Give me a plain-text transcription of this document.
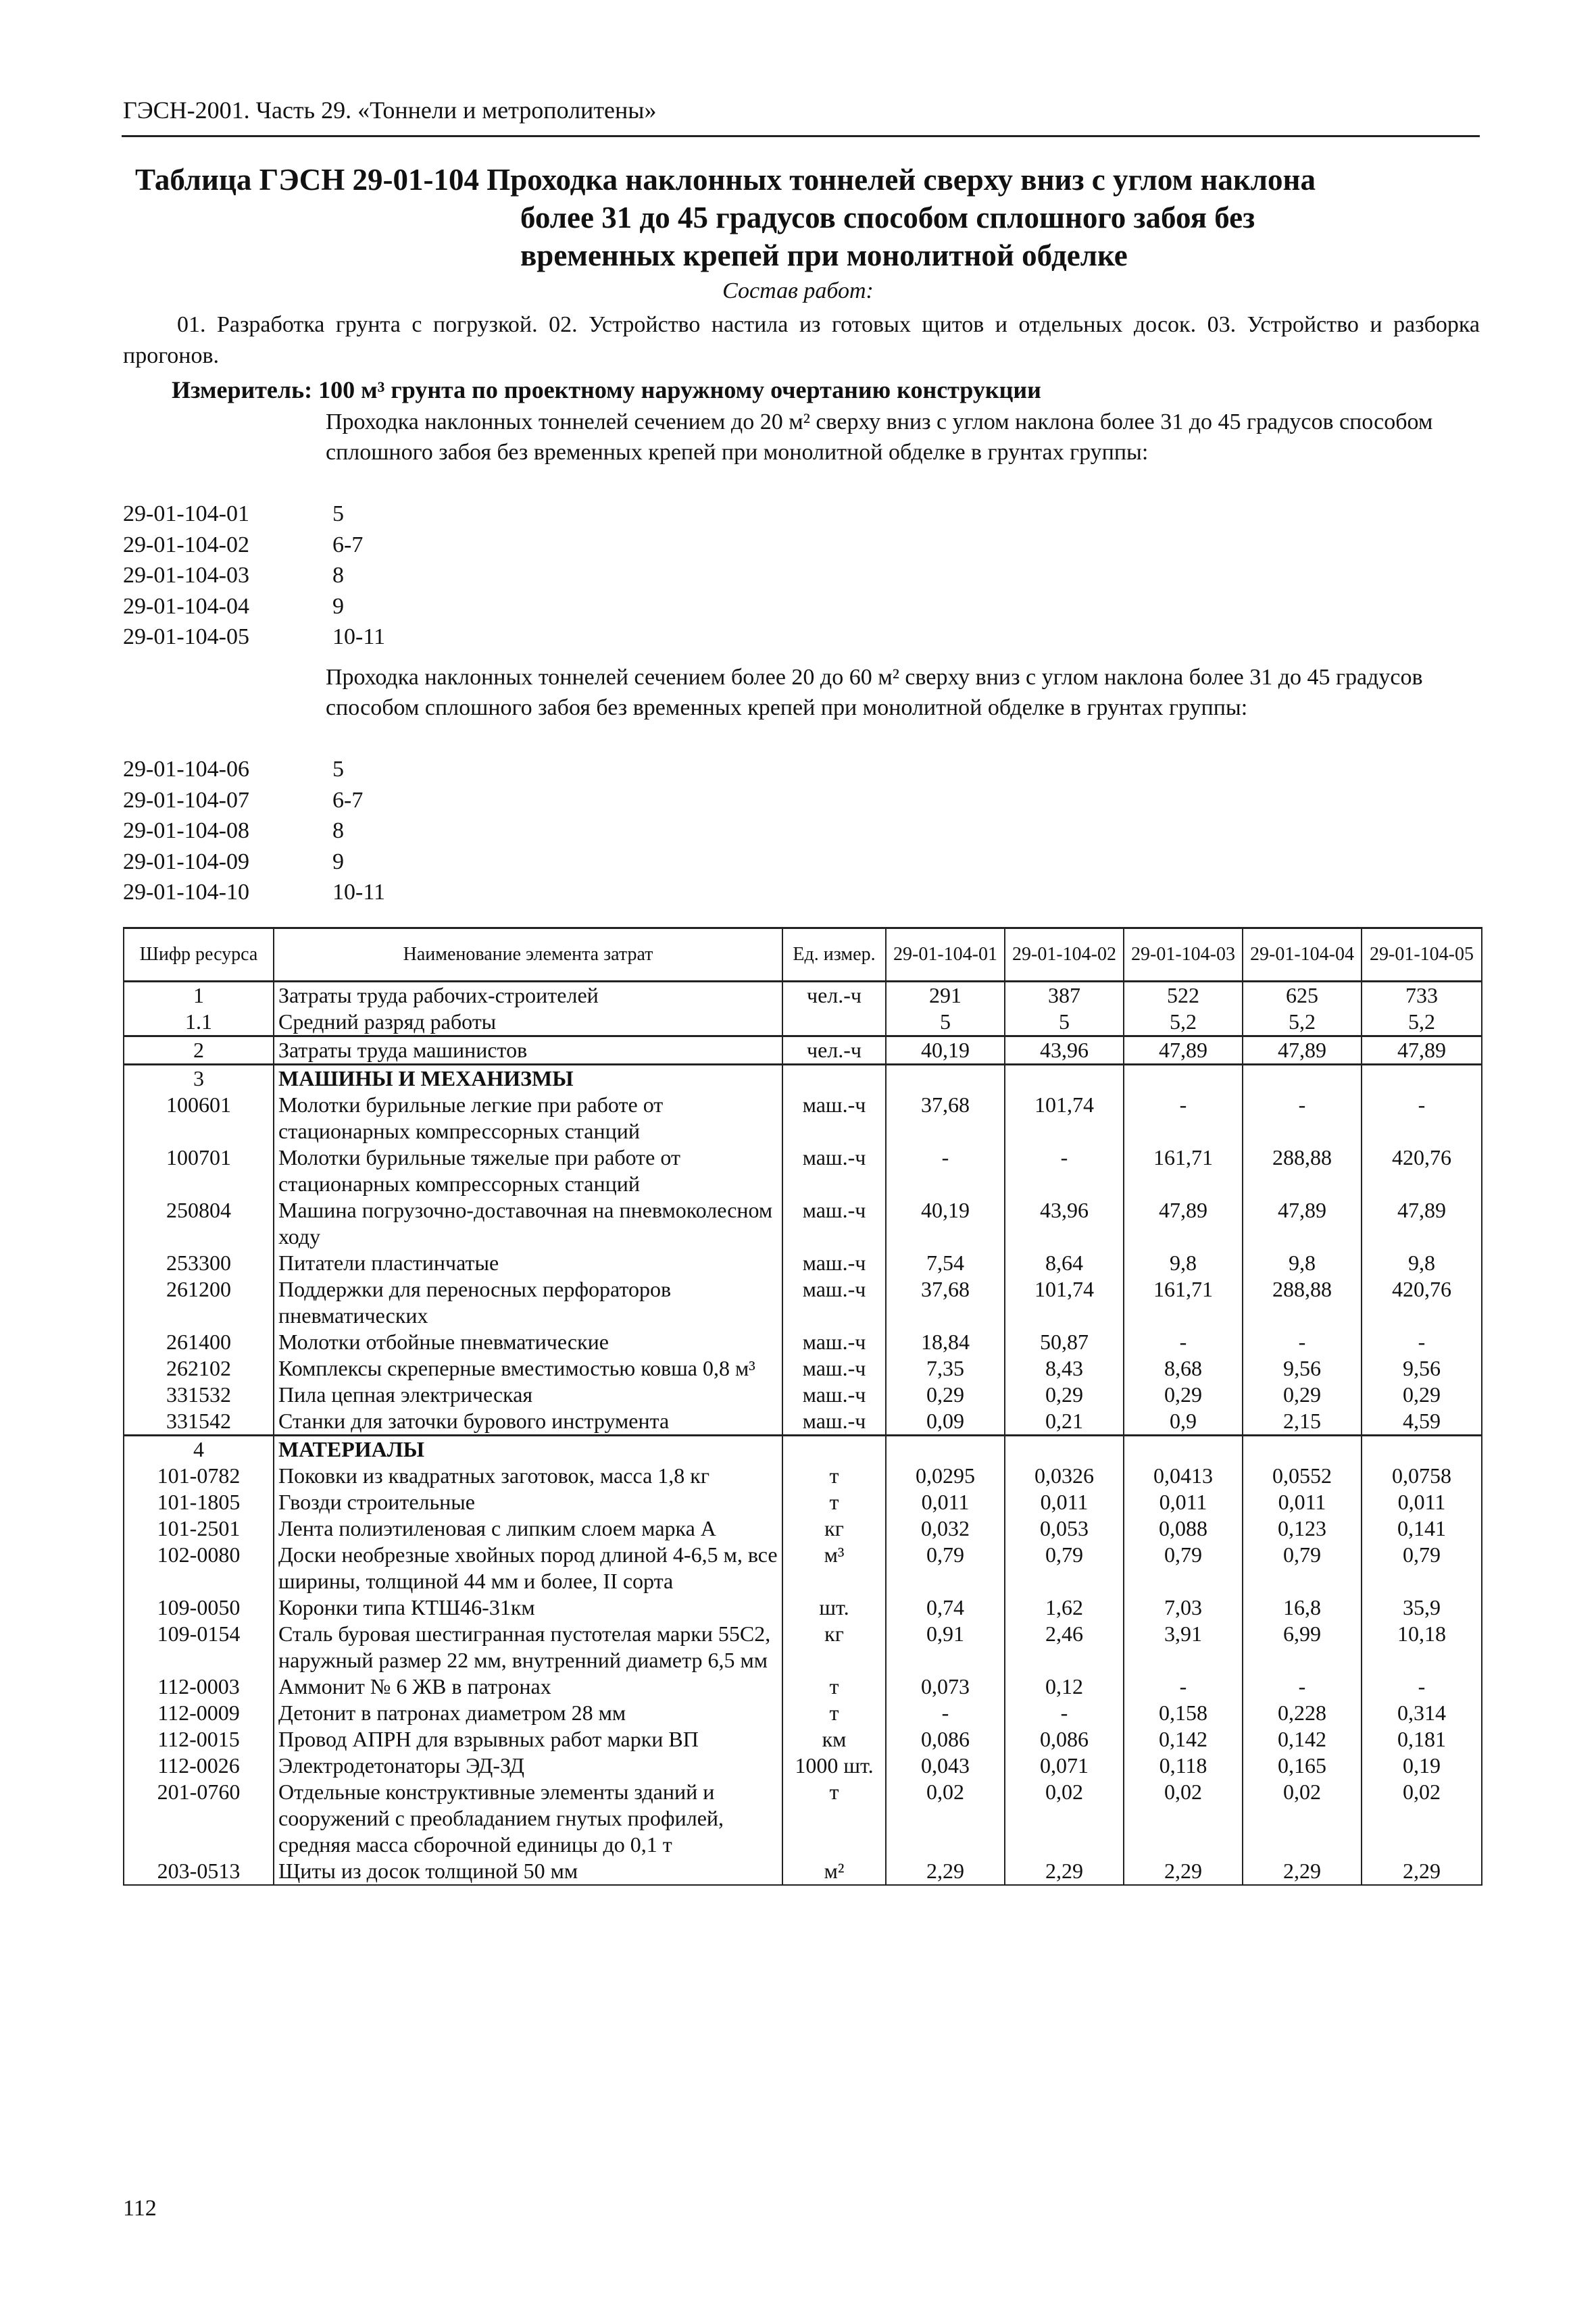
ГЭСН-2001. Часть 29. «Тоннели и метрополитены»
Таблица ГЭСН 29-01-104 Проходка наклонных тоннелей сверху вниз с углом наклона
более 31 до 45 градусов способом сплошного забоя без
временных крепей при монолитной обделке
Состав работ:
01. Разработка грунта с погрузкой. 02. Устройство настила из готовых щитов и отдельных досок. 03. Устройство и разборка прогонов.
Измеритель: 100 м³ грунта по проектному наружному очертанию конструкции
Проходка наклонных тоннелей сечением до 20 м² сверху вниз с углом наклона более 31 до 45 градусов способом сплошного забоя без временных крепей при монолитной обделке в грунтах группы:
29-01-104-01	5
29-01-104-02	6-7
29-01-104-03	8
29-01-104-04	9
29-01-104-05	10-11
Проходка наклонных тоннелей сечением более 20 до 60 м² сверху вниз с углом наклона более 31 до 45 градусов способом сплошного забоя без временных крепей при монолитной обделке в грунтах группы:
29-01-104-06	5
29-01-104-07	6-7
29-01-104-08	8
29-01-104-09	9
29-01-104-10	10-11
Шифр ресурса	Наименование элемента затрат	Ед. измер.	29-01-104-01	29-01-104-02	29-01-104-03	29-01-104-04	29-01-104-05
1	Затраты труда рабочих-строителей	чел.-ч	291	387	522	625	733
1.1	Средний разряд работы		5	5	5,2	5,2	5,2
2	Затраты труда машинистов	чел.-ч	40,19	43,96	47,89	47,89	47,89
3	МАШИНЫ И МЕХАНИЗМЫ						
100601	Молотки бурильные легкие при работе от стационарных компрессорных станций	маш.-ч	37,68	101,74	-	-	-
100701	Молотки бурильные тяжелые при работе от стационарных компрессорных станций	маш.-ч	-	-	161,71	288,88	420,76
250804	Машина погрузочно-доставочная на пневмоколесном ходу	маш.-ч	40,19	43,96	47,89	47,89	47,89
253300	Питатели пластинчатые	маш.-ч	7,54	8,64	9,8	9,8	9,8
261200	Поддержки для переносных перфораторов пневматических	маш.-ч	37,68	101,74	161,71	288,88	420,76
261400	Молотки отбойные пневматические	маш.-ч	18,84	50,87	-	-	-
262102	Комплексы скреперные вместимостью ковша 0,8 м³	маш.-ч	7,35	8,43	8,68	9,56	9,56
331532	Пила цепная электрическая	маш.-ч	0,29	0,29	0,29	0,29	0,29
331542	Станки для заточки бурового инструмента	маш.-ч	0,09	0,21	0,9	2,15	4,59
4	МАТЕРИАЛЫ						
101-0782	Поковки из квадратных заготовок, масса 1,8 кг	т	0,0295	0,0326	0,0413	0,0552	0,0758
101-1805	Гвозди строительные	т	0,011	0,011	0,011	0,011	0,011
101-2501	Лента полиэтиленовая с липким слоем марка А	кг	0,032	0,053	0,088	0,123	0,141
102-0080	Доски необрезные хвойных пород длиной 4-6,5 м, все ширины, толщиной 44 мм и более, II сорта	м³	0,79	0,79	0,79	0,79	0,79
109-0050	Коронки типа КТШ46-31км	шт.	0,74	1,62	7,03	16,8	35,9
109-0154	Сталь буровая шестигранная пустотелая марки 55С2, наружный размер 22 мм, внутренний диаметр 6,5 мм	кг	0,91	2,46	3,91	6,99	10,18
112-0003	Аммонит № 6 ЖВ в патронах	т	0,073	0,12	-	-	-
112-0009	Детонит в патронах диаметром 28 мм	т	-	-	0,158	0,228	0,314
112-0015	Провод АПРН для взрывных работ марки ВП	км	0,086	0,086	0,142	0,142	0,181
112-0026	Электродетонаторы ЭД-ЗД	1000 шт.	0,043	0,071	0,118	0,165	0,19
201-0760	Отдельные конструктивные элементы зданий и сооружений с преобладанием гнутых профилей, средняя масса сборочной единицы до 0,1 т	т	0,02	0,02	0,02	0,02	0,02
203-0513	Щиты из досок толщиной 50 мм	м²	2,29	2,29	2,29	2,29	2,29
112
